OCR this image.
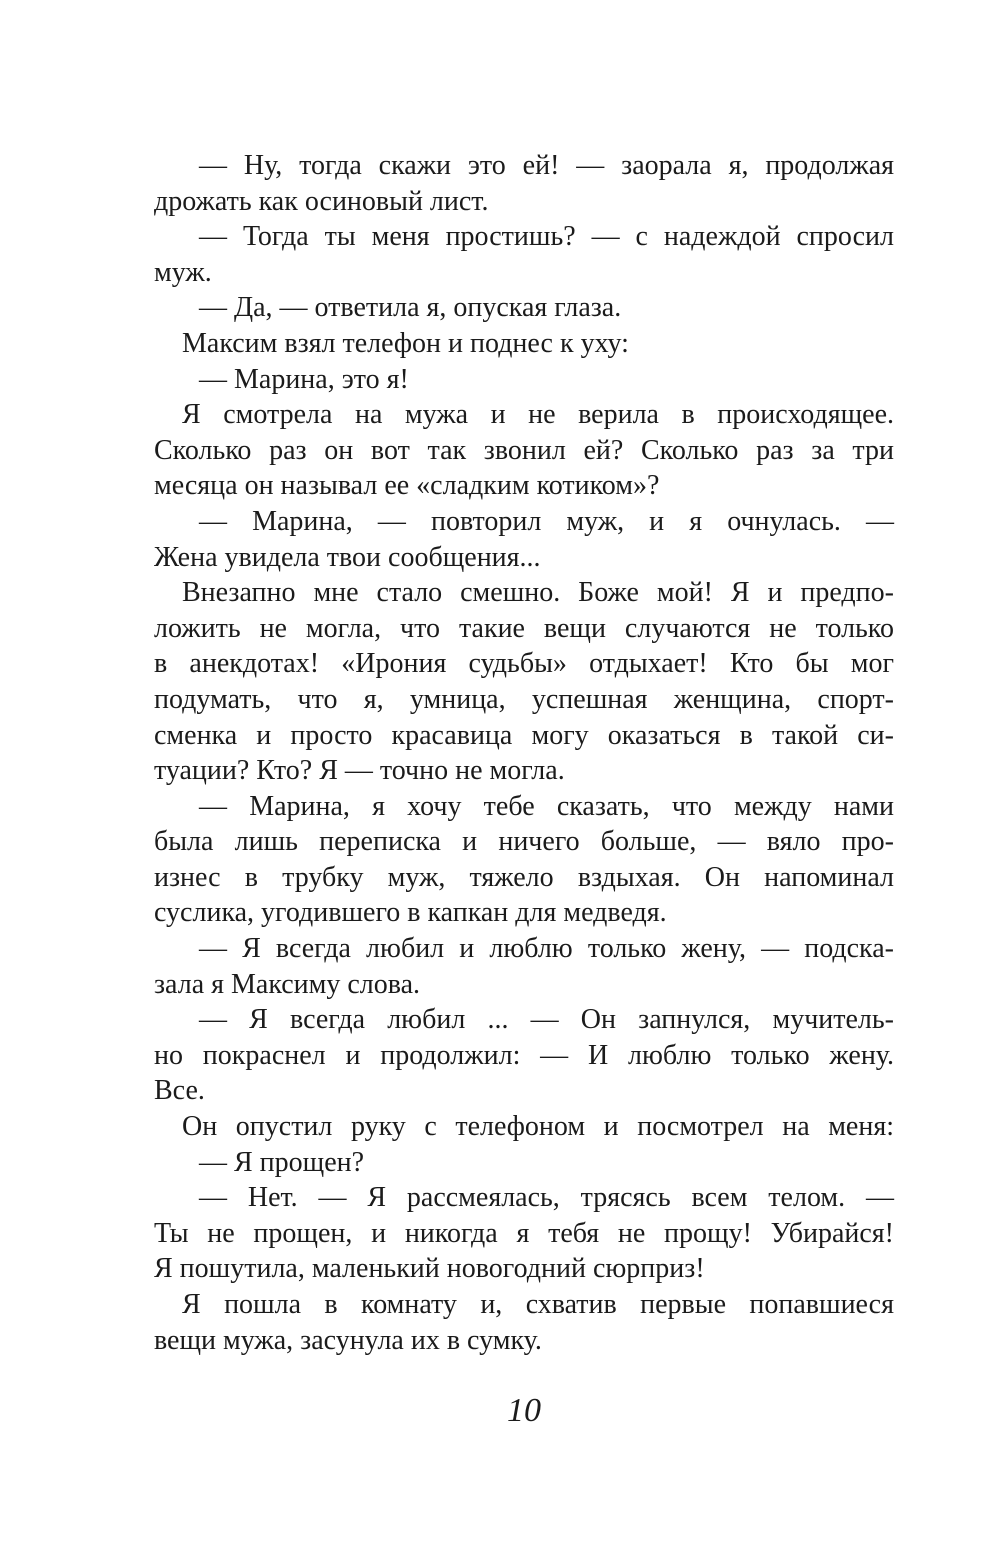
— Ну, тогда скажи это ей! — заорала я, продолжая
дрожать как осиновый лист.
— Тогда ты меня простишь? — с надеждой спросил
муж.
— Да, — ответила я, опуская глаза.
Максим взял телефон и поднес к уху:
— Марина, это я!
Я смотрела на мужа и не верила в происходящее.
Сколько раз он вот так звонил ей? Сколько раз за три
месяца он называл ее «сладким котиком»?
— Марина, — повторил муж, и я очнулась. —
Жена увидела твои сообщения...
Внезапно мне стало смешно. Боже мой! Я и предпо-
ложить не могла, что такие вещи случаются не только
в анекдотах! «Ирония судьбы» отдыхает! Кто бы мог
подумать, что я, умница, успешная женщина, спорт-
сменка и просто красавица могу оказаться в такой си-
туации? Кто? Я — точно не могла.
— Марина, я хочу тебе сказать, что между нами
была лишь переписка и ничего больше, — вяло про-
изнес в трубку муж, тяжело вздыхая. Он напоминал
суслика, угодившего в капкан для медведя.
— Я всегда любил и люблю только жену, — подска-
зала я Максиму слова.
— Я всегда любил ... — Он запнулся, мучитель-
но покраснел и продолжил: — И люблю только жену.
Все.
Он опустил руку с телефоном и посмотрел на меня:
— Я прощен?
— Нет. — Я рассмеялась, трясясь всем телом. —
Ты не прощен, и никогда я тебя не прощу! Убирайся!
Я пошутила, маленький новогодний сюрприз!
Я пошла в комнату и, схватив первые попавшиеся
вещи мужа, засунула их в сумку.
10
